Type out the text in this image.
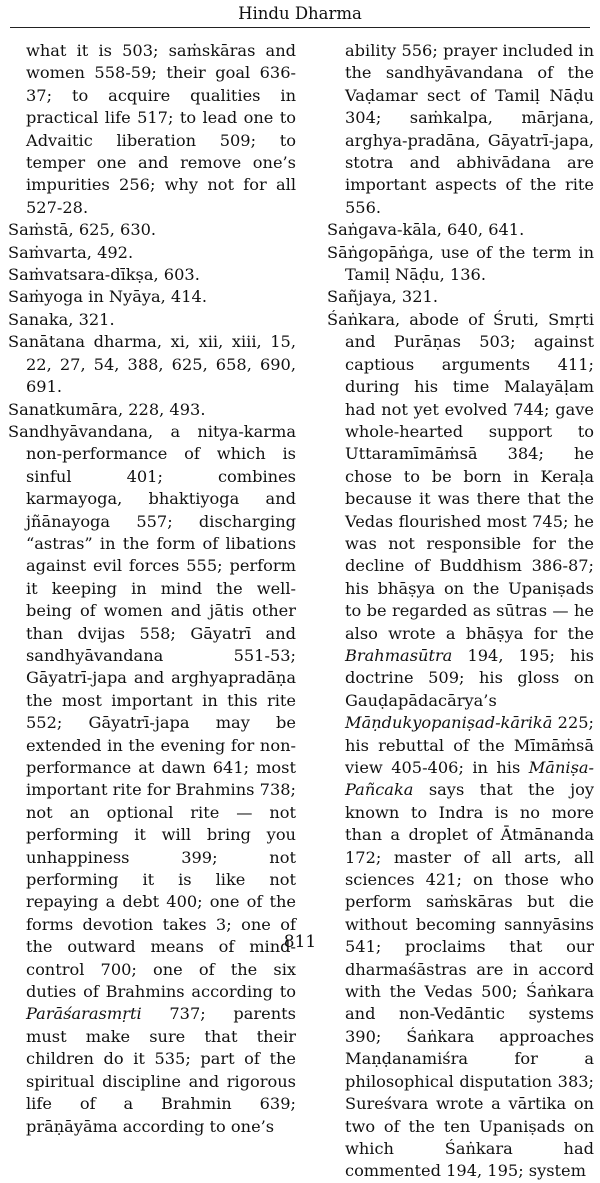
Hindu Dharma

what it is 503; saṁskāras and women 558-59; their goal 636-37; to acquire qualities in practical life 517; to lead one to Advaitic liberation 509; to temper one and remove one’s impurities 256; why not for all 527-28.

Saṁstā, 625, 630.

Saṁvarta, 492.

Saṁvatsara-dīkṣa, 603.

Saṁyoga in Nyāya, 414.

Sanaka, 321.

Sanātana dharma, xi, xii, xiii, 15, 22, 27, 54, 388, 625, 658, 690, 691.

Sanatkumāra, 228, 493.

Sandhyāvandana, a nitya-karma non-performance of which is sinful 401; combines karmayoga, bhaktiyoga and jñānayoga 557; discharging “astras” in the form of libations against evil forces 555; perform it keeping in mind the well-being of women and jātis other than dvijas 558; Gāyatrī and sandhyāvandana 551-53; Gāyatrī-japa and arghyapradāṇa the most important in this rite 552; Gāyatrī-japa may be extended in the evening for non-performance at dawn 641; most important rite for Brahmins 738; not an optional rite — not performing it will bring you unhappiness 399; not performing it is like not repaying a debt 400; one of the forms devotion takes 3; one of the outward means of mind-control 700; one of the six duties of Brahmins according to Parāśarasmṛti 737; parents must make sure that their children do it 535; part of the spiritual discipline and rigorous life of a Brahmin 639; prāṇāyāma according to one’s

ability 556; prayer included in the sandhyāvandana of the Vaḍamar sect of Tamiḷ Nāḍu 304; saṁkalpa, mārjana, arghya-pradāna, Gāyatrī-japa, stotra and abhivādana are important aspects of the rite 556.

Saṅgava-kāla, 640, 641.

Sāṅgopāṅga, use of the term in Tamiḷ Nāḍu, 136.

Sañjaya, 321.

Śaṅkara, abode of Śruti, Smṛti and Purāṇas 503; against captious arguments 411; during his time Malayāḷam had not yet evolved 744; gave whole-hearted support to Uttaramīmāṁsā 384; he chose to be born in Keraḷa because it was there that the Vedas flourished most 745; he was not responsible for the decline of Buddhism 386-87; his bhāṣya on the Upaniṣads to be regarded as sūtras — he also wrote a bhāṣya for the Brahmasūtra 194, 195; his doctrine 509; his gloss on Gauḍapādacārya’s Māṇdukyopaniṣad-kārikā 225; his rebuttal of the Mīmāṁsā view 405-406; in his Māniṣa-Pañcaka says that the joy known to Indra is no more than a droplet of Ātmānanda 172; master of all arts, all sciences 421; on those who perform saṁskāras but die without becoming sannyāsins 541; proclaims that our dharmaśāstras are in accord with the Vedas 500; Śaṅkara and non-Vedāntic systems 390; Śaṅkara approaches Maṇḍanamiśra for a philosophical disputation 383; Sureśvara wrote a vārtika on two of the ten Upaniṣads on which Śaṅkara had commented 194, 195; system

811
